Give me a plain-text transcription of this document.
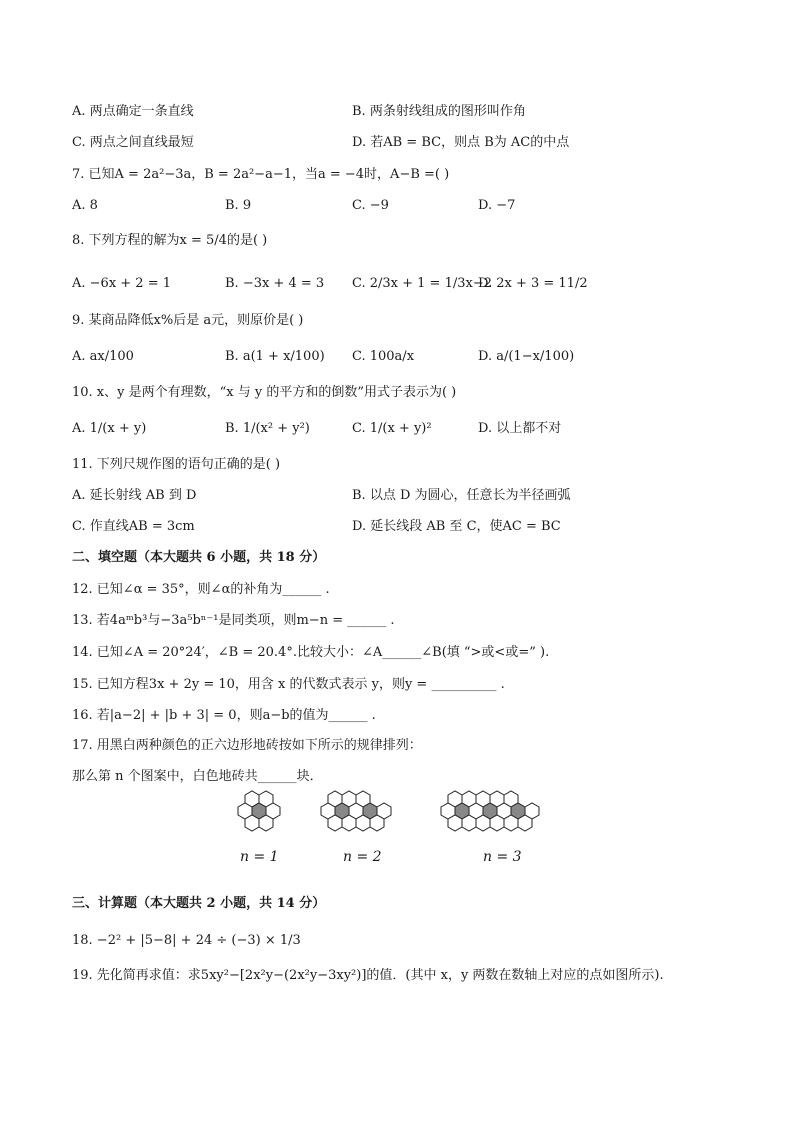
A. 两点确定一条直线	B. 两条射线组成的图形叫作角
C. 两点之间直线最短	D. 若AB = BC，则点 B为 AC的中点
7. 已知A = 2a²−3a，B = 2a²−a−1，当a = −4时，A−B =( )
A. 8	B. 9	C. −9	D. −7
8. 下列方程的解为x = 5/4的是( )
A. −6x + 2 = 1	B. −3x + 4 = 3 C. 2/3x + 1 = 1/3x−2
D. 2x + 3 = 11/2
9. 某商品降低x%后是 a元，则原价是( )
A. ax/100	B. a(1 + x/100) C. 100a/x	D. a/(1−x/100)
10. x、y 是两个有理数，“x 与 y 的平方和的倒数”用式子表示为( )
A. 1/(x + y)	B. 1/(x² + y²)	C. 1/(x + y)²	D. 以上都不对
11. 下列尺规作图的语句正确的是( )
A. 延长射线 AB 到 D	B. 以点 D 为圆心，任意长为半径画弧
C. 作直线AB = 3cm	D. 延长线段 AB 至 C，使AC = BC
二、填空题（本大题共 6 小题，共 18 分）
12. 已知∠α = 35°，则∠α的补角为______ .
13. 若4aᵐb³与−3a⁵bⁿ⁻¹是同类项，则m−n = ______ .
14. 已知∠A = 20°24′，∠B = 20.4°.比较大小：∠A______∠B(填 “>或<或=” ).
15. 已知方程3x + 2y = 10，用含 x 的代数式表示 y，则y = __________ .
16. 若|a−2| + |b + 3| = 0，则a−b的值为______ .
17. 用黑白两种颜色的正六边形地砖按如下所示的规律排列：
那么第 n 个图案中，白色地砖共______块．
n = 1	n = 2	n = 3
三、计算题（本大题共 2 小题，共 14 分）
18. −2² + |5−8| + 24 ÷ (−3) × 1/3
19. 先化简再求值：求5xy²−[2x²y−(2x²y−3xy²)]的值．(其中 x，y 两数在数轴上对应的点如图所示).
